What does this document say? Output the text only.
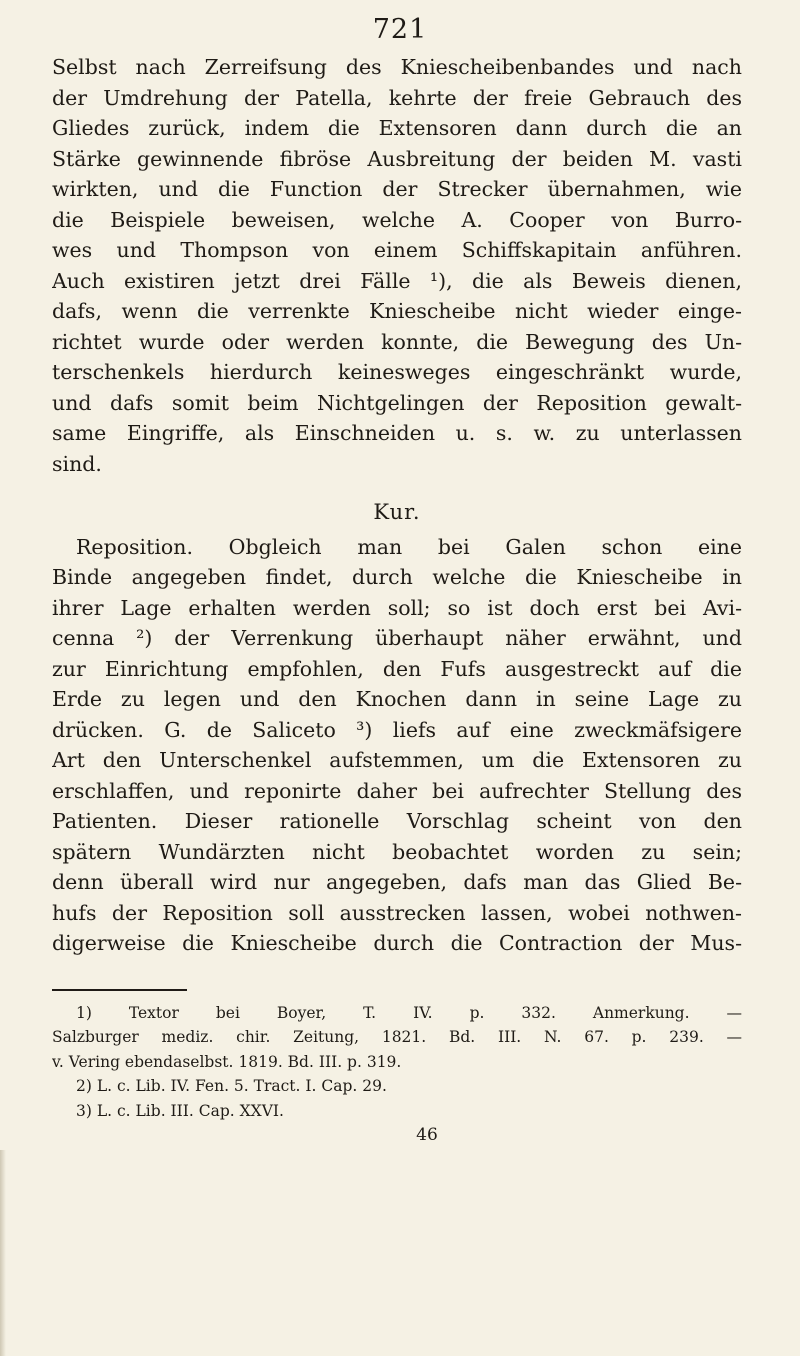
721
Selbst nach Zerreifsung des Kniescheibenbandes und nach
der Umdrehung der Patella, kehrte der freie Gebrauch des
Gliedes zurück, indem die Extensoren dann durch die an
Stärke gewinnende fibröse Ausbreitung der beiden M. vasti
wirkten, und die Function der Strecker übernahmen, wie
die Beispiele beweisen, welche A. Cooper von Burro-
wes und Thompson von einem Schiffskapitain anführen.
Auch existiren jetzt drei Fälle ¹), die als Beweis dienen,
dafs, wenn die verrenkte Kniescheibe nicht wieder einge-
richtet wurde oder werden konnte, die Bewegung des Un-
terschenkels hierdurch keinesweges eingeschränkt wurde,
und dafs somit beim Nichtgelingen der Reposition gewalt-
same Eingriffe, als Einschneiden u. s. w. zu unterlassen
sind.
Kur.
Reposition. Obgleich man bei Galen schon eine
Binde angegeben findet, durch welche die Kniescheibe in
ihrer Lage erhalten werden soll; so ist doch erst bei Avi-
cenna ²) der Verrenkung überhaupt näher erwähnt, und
zur Einrichtung empfohlen, den Fufs ausgestreckt auf die
Erde zu legen und den Knochen dann in seine Lage zu
drücken. G. de Saliceto ³) liefs auf eine zweckmäfsigere
Art den Unterschenkel aufstemmen, um die Extensoren zu
erschlaffen, und reponirte daher bei aufrechter Stellung des
Patienten. Dieser rationelle Vorschlag scheint von den
spätern Wundärzten nicht beobachtet worden zu sein;
denn überall wird nur angegeben, dafs man das Glied Be-
hufs der Reposition soll ausstrecken lassen, wobei nothwen-
digerweise die Kniescheibe durch die Contraction der Mus-
1) Textor bei Boyer, T. IV. p. 332. Anmerkung. —
Salzburger mediz. chir. Zeitung, 1821. Bd. III. N. 67. p. 239. —
v. Vering ebendaselbst. 1819. Bd. III. p. 319.
2) L. c. Lib. IV. Fen. 5. Tract. I. Cap. 29.
3) L. c. Lib. III. Cap. XXVI.
46
